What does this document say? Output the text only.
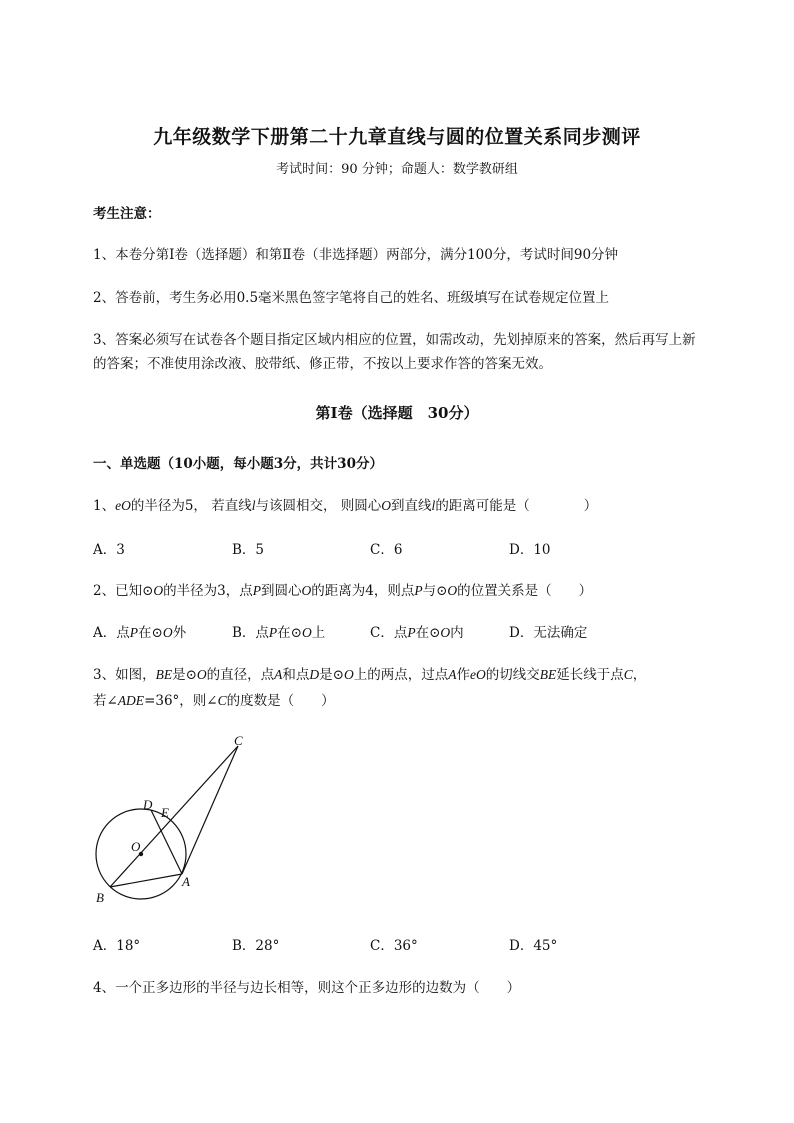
九年级数学下册第二十九章直线与圆的位置关系同步测评
考试时间：90 分钟；命题人：数学教研组
考生注意：
1、本卷分第Ⅰ卷（选择题）和第Ⅱ卷（非选择题）两部分，满分100分，考试时间90分钟
2、答卷前，考生务必用0.5毫米黑色签字笔将自己的姓名、班级填写在试卷规定位置上
3、答案必须写在试卷各个题目指定区域内相应的位置，如需改动，先划掉原来的答案，然后再写上新
的答案；不准使用涂改液、胶带纸、修正带，不按以上要求作答的答案无效。
第Ⅰ卷（选择题　30分）
一、单选题（10小题，每小题3分，共计30分）
1、eO的半径为5， 若直线l与该圆相交， 则圆心O到直线l的距离可能是（　　　　）
A．3	B．5	C．6	D．10
2、已知⊙O的半径为3，点P到圆心O的距离为4，则点P与⊙O的位置关系是（　　）
A．点P在⊙O外	B．点P在⊙O上	C．点P在⊙O内	D．无法确定
3、如图，BE是⊙O的直径，点A和点D是⊙O上的两点，过点A作eO的切线交BE延长线于点C，
若∠ADE=36°，则∠C的度数是（　　）
C
D
E
O
B
A
A．18°	B．28°	C．36°	D．45°
4、一个正多边形的半径与边长相等，则这个正多边形的边数为（　　）
